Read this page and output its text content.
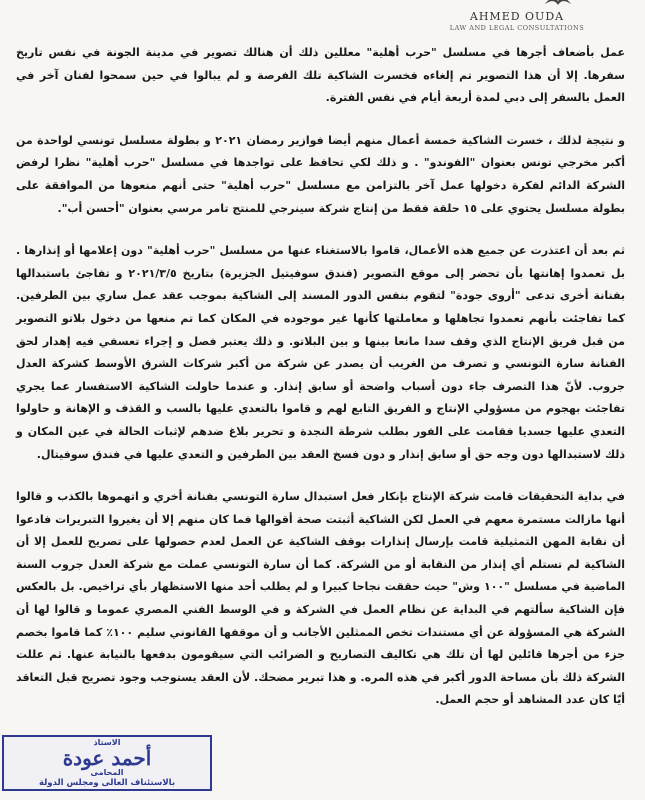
AHMED OUDA
LAW AND LEGAL CONSULTATIONS

عمل بأضعاف أجرها في مسلسل "حرب أهلية" معللين ذلك أن هنالك تصوير في مدينة الجونة في نفس تاريخ سفرها. إلا أن هذا التصوير تم إلغاءه فخسرت الشاكية تلك الفرصة و لم يبالوا في حين سمحوا لفنان آخر في العمل بالسفر إلى دبي لمدة أربعة أيام في نفس الفترة.

و نتيجة لذلك ، خسرت الشاكية خمسة أعمال منهم أيضا فوازير رمضان ٢٠٢١ و بطولة مسلسل تونسي لواحدة من أكبر مخرجي تونس بعنوان "الفوندو" . و ذلك لكي تحافظ على تواجدها في مسلسل "حرب أهلية" نظرا لرفض الشركة الدائم لفكرة دخولها عمل آخر بالتزامن مع مسلسل "حرب أهلية" حتى أنهم منعوها من الموافقة على بطولة مسلسل يحتوي على ١٥ حلقة فقط من إنتاج شركة سينرجي للمنتج تامر مرسي بعنوان "أحسن أب".

ثم بعد أن اعتذرت عن جميع هذه الأعمال، قاموا بالاستغناء عنها من مسلسل "حرب أهلية" دون إعلامها أو إنذارها . بل تعمدوا إهانتها بأن تحضر إلى موقع التصوير (فندق سوفيتيل الجزيرة) بتاريخ ٢٠٢١/٣/٥ و تفاجئ باستبدالها بفنانة أخرى تدعى "أروى جودة" لتقوم بنفس الدور المسند إلى الشاكية بموجب عقد عمل ساري بين الطرفين. كما تفاجئت بأنهم تعمدوا تجاهلها و معاملتها كأنها غير موجوده في المكان كما تم منعها من دخول بلاتو التصوير من قبل فريق الإنتاج الذي وقف سدا مانعا بينها و بين البلاتو. و ذلك يعتبر فصل و إجراء تعسفي فيه إهدار لحق الفنانة سارة التونسي و تصرف من الغريب أن يصدر عن شركة من أكبر شركات الشرق الأوسط كشركة العدل جروب. لأنّ هذا التصرف جاء دون أسباب واضحة أو سابق إنذار. و عندما حاولت الشاكية الاستفسار عما يجري تفاجئت بهجوم من مسؤولي الإنتاج و الفريق التابع لهم و قاموا بالتعدي عليها بالسب و القذف و الإهانة و حاولوا التعدي عليها جسديا فقامت على الفور بطلب شرطة النجدة و تحرير بلاغ ضدهم لإثبات الحالة في عين المكان و ذلك لاستبدالها دون وجه حق أو سابق إنذار و دون فسخ العقد بين الطرفين و التعدي عليها في فندق سوفيتال.

في بداية التحقيقات قامت شركة الإنتاج بإنكار فعل استبدال سارة التونسي بفنانة أخري و اتهموها بالكذب و قالوا أنها مازالت مستمرة معهم في العمل لكن الشاكية أثبتت صحة أقوالها فما كان منهم إلا أن يغيروا التبريرات فادعوا أن نقابة المهن التمثيلية قامت بإرسال إنذارات بوقف الشاكية عن العمل لعدم حصولها على تصريح للعمل إلا أن الشاكية لم تستلم أي إنذار من النقابة أو من الشركة. كما أن سارة التونسي عملت مع شركة العدل جروب السنة الماضية في مسلسل "١٠٠ وش" حيث حققت نجاحا كبيرا و لم يطلب أحد منها الاستظهار بأي تراخيص. بل بالعكس فإن الشاكية سألتهم في البداية عن نظام العمل في الشركة و في الوسط الفني المصري عموما و قالوا لها أن الشركة هي المسؤولة عن أي مستندات تخص الممثلين الأجانب و أن موقفها القانوني سليم ١٠٠٪ كما قاموا بخصم جزء من أجرها قائلين لها أن تلك هي تكاليف التصاريح و الضرائب التي سيقومون بدفعها بالنيابة عنها. ثم عللت الشركة ذلك بأن مساحة الدور أكبر في هذه المره. و هذا تبرير مضحك. لأن العقد يستوجب وجود تصريح قبل التعاقد أيّا كان عدد المشاهد أو حجم العمل.

الاستاذ
أحمد عودة
المحامى
بالاستئناف العالى ومجلس الدولة
